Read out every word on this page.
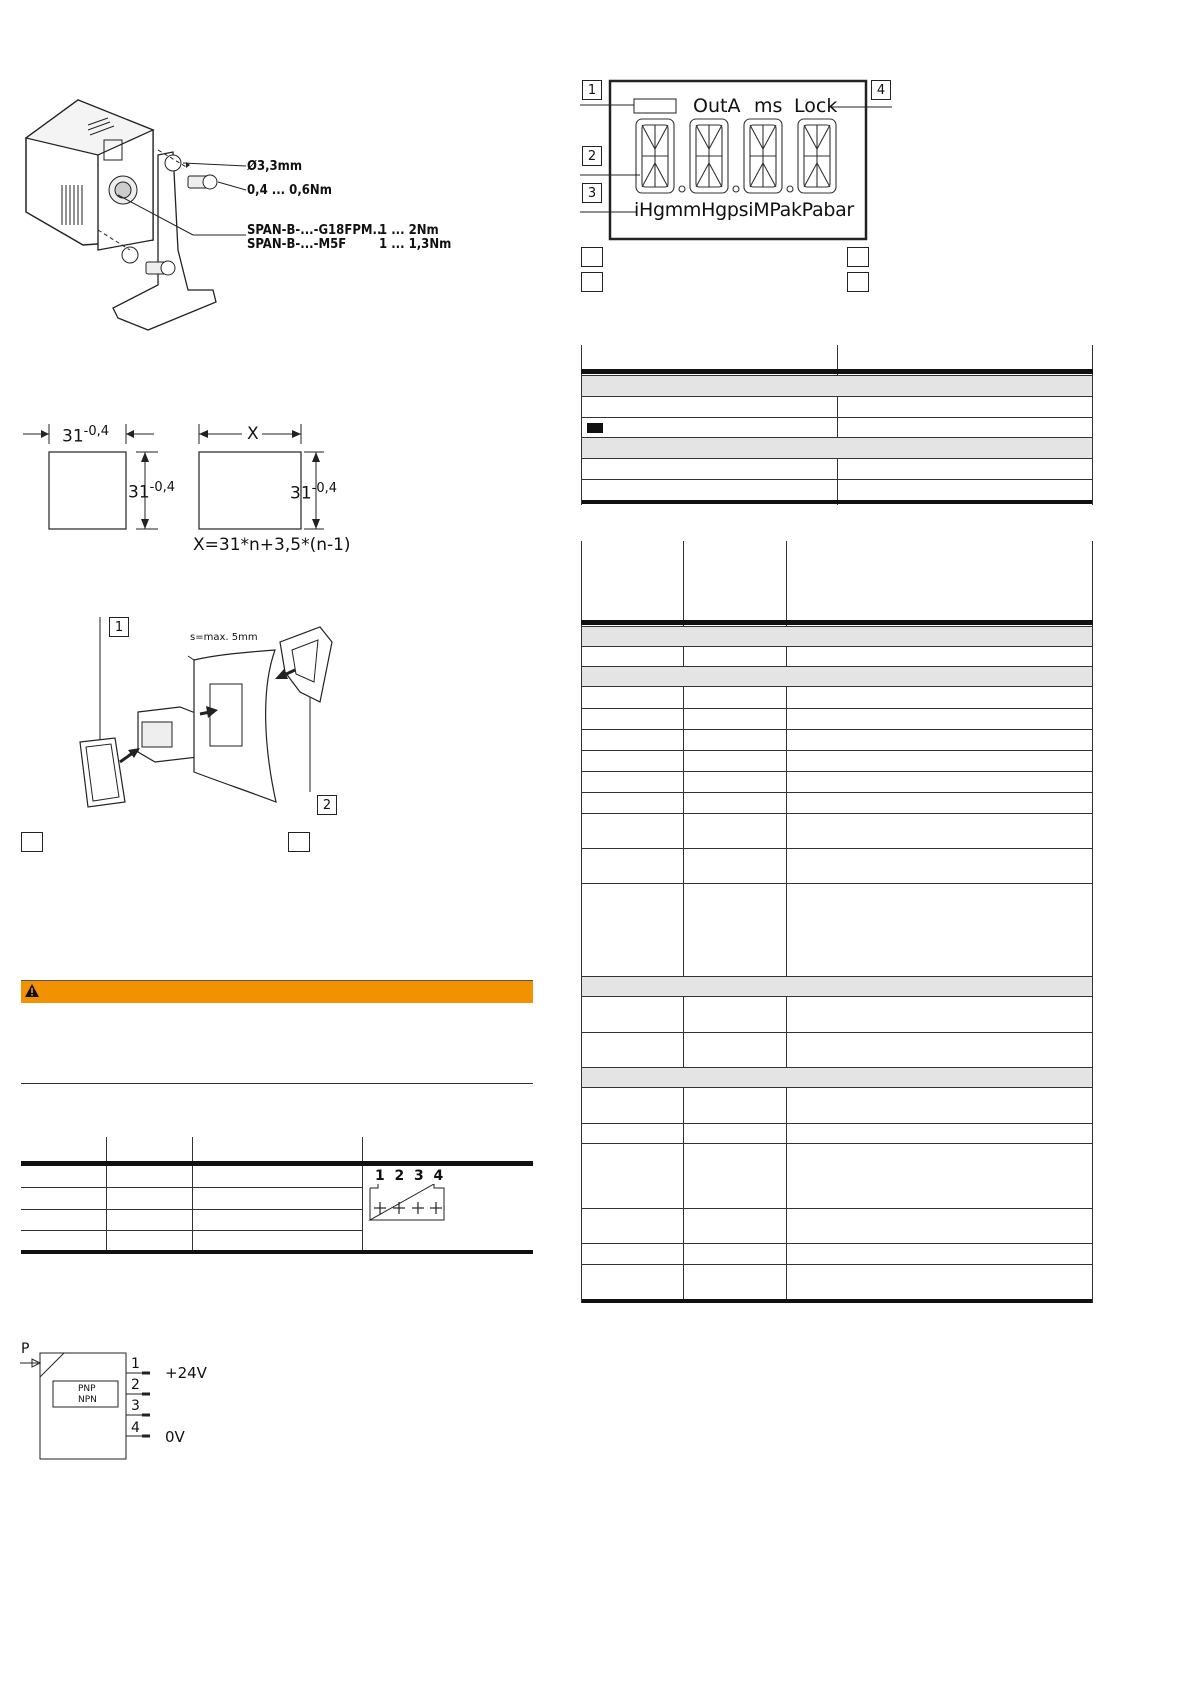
Ø3,3mm
0,4 ... 0,6Nm
SPAN-B-...-G18FPM..
1 ... 2Nm
SPAN-B-...-M5F	1 ... 1,3Nm
$31^{-0,4}$
$31^{-0,4}$
X
$31^{-0,4}$
X=31*n+3,5*(n-1)
1
2
s=max. 5mm
1  2  3  4
P
PNP
NPN
1
2
3
4
+24V
0V
1
2
3
4
OutA ms Lock
iHgmmHgpsiMPakPabar
